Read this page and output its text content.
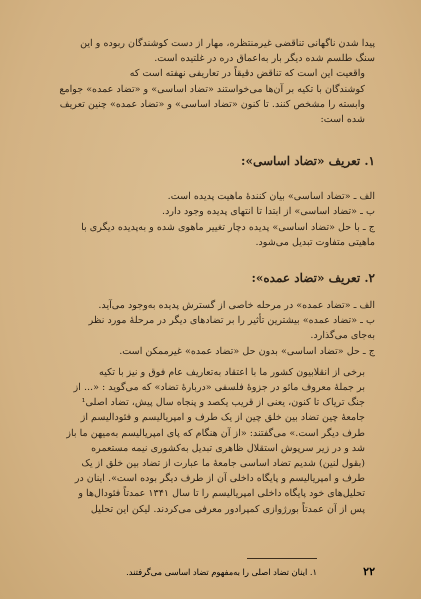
پیدا شدن ناگهانی تناقضی غیرمنتظره، مهار از دست کوشندگان ربوده و این
سنگ طلسم شده دیگر بار به‌اعماق دره در غلتیده است.

واقعیت این است که تناقض دقیقاً در تعاریفی نهفته است که
کوشندگان با تکیه بر آن‌ها می‌خواستند «تضاد اساسی» و «تضاد عمده» جوامع
وابسته را مشخص کنند. تا کنون «تضاد اساسی» و «تضاد عمده» چنین تعریف
شده است:

۱. تعریف «تضاد اساسی»:
الف ـ «تضاد اساسی» بیان کنندهٔ ماهیت پدیده است.
ب ـ «تضاد اساسی» از ابتدا تا انتهای پدیده وجود دارد.
ج ـ با حل «تضاد اساسی» پدیده دچار تغییر ماهوی شده و به‌پدیده دیگری با
ماهیتی متفاوت تبدیل می‌شود.
۲. تعریف «تضاد عمده»:
الف ـ «تضاد عمده» در مرحله خاصی از گسترش پدیده به‌وجود می‌آید.
ب ـ «تضاد عمده» بیشترین تأثیر را بر تضادهای دیگر در مرحلهٔ مورد نظر
به‌جای می‌گذارد.
ج ـ حل «تضاد اساسی» بدون حل «تضاد عمده» غیرممکن است.

برخی از انقلابیون کشور ما با اعتقاد به‌تعاریف عام فوق و نیز با تکیه
بر جملهٔ معروف مائو در جزوهٔ فلسفی «دربارهٔ تضاد» که می‌گوید : «... از
جنگ تریاک تا کنون، یعنی از قریب یکصد و پنجاه سال پیش، تضاد اصلی¹
جامعهٔ چین تضاد بین خلق چین از یک طرف و امپریالیسم و فئودالیسم از
طرف دیگر است.» می‌گفتند: «از آن هنگام که پای امپریالیسم به‌میهن ما باز
شد و در زیر سرپوش استقلال ظاهری تبدیل به‌کشوری نیمه مستعمره
(بقول لنین) شدیم تضاد اساسی جامعهٔ ما عبارت از تضاد بین خلق از یک
طرف و امپریالیسم و پایگاه داخلی آن از طرف دیگر بوده است». اینان در
تحلیل‌های خود پایگاه داخلی امپریالیسم را تا سال ۱۳۴۱ عمدتاً فئودال‌ها و
پس از آن عمدتاً بورژوازی کمپرادور معرفی می‌کردند. لیکن این تحلیل

۱. اینان تضاد اصلی را به‌مفهوم تضاد اساسی می‌گرفتند.	۲۲
